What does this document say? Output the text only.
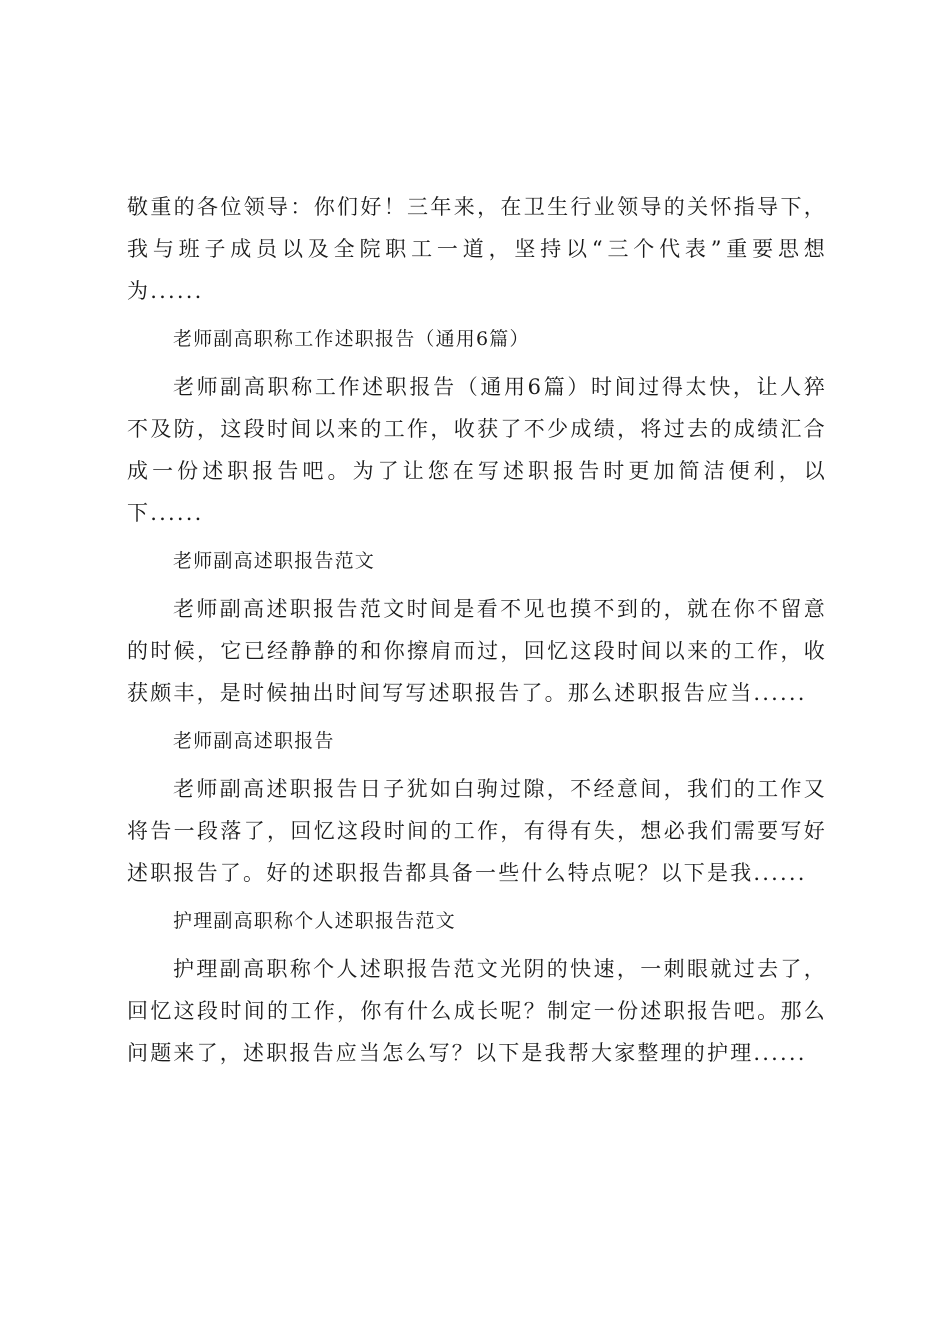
敬重的各位领导：你们好！三年来，在卫生行业领导的关怀指导下，我与班子成员以及全院职工一道，坚持以“三个代表”重要思想为......

老师副高职称工作述职报告（通用6篇）

老师副高职称工作述职报告（通用6篇）时间过得太快，让人猝不及防，这段时间以来的工作，收获了不少成绩，将过去的成绩汇合成一份述职报告吧。为了让您在写述职报告时更加简洁便利，以下......

老师副高述职报告范文

老师副高述职报告范文时间是看不见也摸不到的，就在你不留意的时候，它已经静静的和你擦肩而过，回忆这段时间以来的工作，收获颇丰，是时候抽出时间写写述职报告了。那么述职报告应当......

老师副高述职报告

老师副高述职报告日子犹如白驹过隙，不经意间，我们的工作又将告一段落了，回忆这段时间的工作，有得有失，想必我们需要写好述职报告了。好的述职报告都具备一些什么特点呢？以下是我......

护理副高职称个人述职报告范文

护理副高职称个人述职报告范文光阴的快速，一刺眼就过去了，回忆这段时间的工作，你有什么成长呢？制定一份述职报告吧。那么问题来了，述职报告应当怎么写？以下是我帮大家整理的护理......
